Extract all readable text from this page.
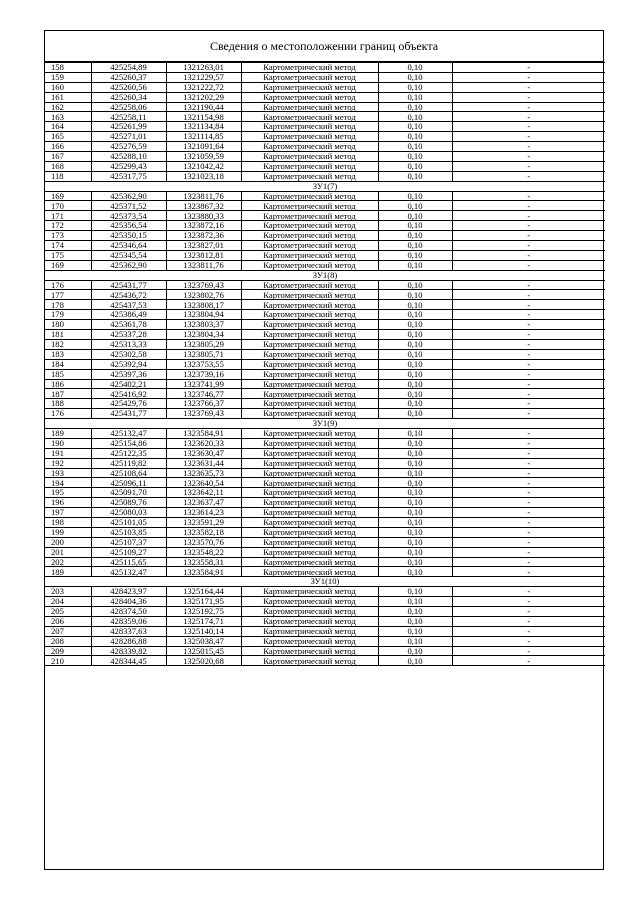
Сведения о местоположении границ объекта
158	425254,89	1321263,01	Картометрический метод	0,10	-
159	425260,37	1321229,57	Картометрический метод	0,10	-
160	425260,56	1321222,72	Картометрический метод	0,10	-
161	425260,34	1321202,29	Картометрический метод	0,10	-
162	425258,06	1321190,44	Картометрический метод	0,10	-
163	425258,11	1321154,98	Картометрический метод	0,10	-
164	425261,99	1321134,84	Картометрический метод	0,10	-
165	425271,01	1321114,85	Картометрический метод	0,10	-
166	425276,59	1321091,64	Картометрический метод	0,10	-
167	425288,10	1321059,59	Картометрический метод	0,10	-
168	425299,43	1321042,42	Картометрический метод	0,10	-
118	425317,75	1321023,18	Картометрический метод	0,10	-
ЗУ1(7)					
169	425362,90	1323811,76	Картометрический метод	0,10	-
170	425371,52	1323867,32	Картометрический метод	0,10	-
171	425373,54	1323880,33	Картометрический метод	0,10	-
172	425356,54	1323872,16	Картометрический метод	0,10	-
173	425350,15	1323872,36	Картометрический метод	0,10	-
174	425346,64	1323827,01	Картометрический метод	0,10	-
175	425345,54	1323812,81	Картометрический метод	0,10	-
169	425362,90	1323811,76	Картометрический метод	0,10	-
ЗУ1(8)					
176	425431,77	1323769,43	Картометрический метод	0,10	-
177	425436,72	1323802,76	Картометрический метод	0,10	-
178	425437,53	1323808,17	Картометрический метод	0,10	-
179	425386,49	1323804,94	Картометрический метод	0,10	-
180	425361,78	1323803,37	Картометрический метод	0,10	-
181	425337,28	1323804,34	Картометрический метод	0,10	-
182	425313,33	1323805,29	Картометрический метод	0,10	-
183	425302,58	1323805,71	Картометрический метод	0,10	-
184	425392,94	1323753,55	Картометрический метод	0,10	-
185	425397,36	1323739,16	Картометрический метод	0,10	-
186	425402,21	1323741,99	Картометрический метод	0,10	-
187	425416,92	1323746,77	Картометрический метод	0,10	-
188	425429,76	1323766,37	Картометрический метод	0,10	-
176	425431,77	1323769,43	Картометрический метод	0,10	-
ЗУ1(9)					
189	425132,47	1323584,91	Картометрический метод	0,10	-
190	425154,86	1323620,33	Картометрический метод	0,10	-
191	425122,35	1323630,47	Картометрический метод	0,10	-
192	425119,82	1323631,44	Картометрический метод	0,10	-
193	425108,64	1323635,73	Картометрический метод	0,10	-
194	425096,11	1323640,54	Картометрический метод	0,10	-
195	425091,70	1323642,11	Картометрический метод	0,10	-
196	425089,76	1323637,47	Картометрический метод	0,10	-
197	425080,03	1323614,23	Картометрический метод	0,10	-
198	425101,05	1323591,29	Картометрический метод	0,10	-
199	425103,85	1323582,18	Картометрический метод	0,10	-
200	425107,37	1323570,76	Картометрический метод	0,10	-
201	425109,27	1323548,22	Картометрический метод	0,10	-
202	425115,65	1323558,31	Картометрический метод	0,10	-
189	425132,47	1323584,91	Картометрический метод	0,10	-
ЗУ1(10)					
203	428423,97	1325164,44	Картометрический метод	0,10	-
204	428404,36	1325171,95	Картометрический метод	0,10	-
205	428374,50	1325192,75	Картометрический метод	0,10	-
206	428359,06	1325174,71	Картометрический метод	0,10	-
207	428337,63	1325140,14	Картометрический метод	0,10	-
208	428286,88	1325038,47	Картометрический метод	0,10	-
209	428339,82	1325015,45	Картометрический метод	0,10	-
210	428344,45	1325020,68	Картометрический метод	0,10	-
